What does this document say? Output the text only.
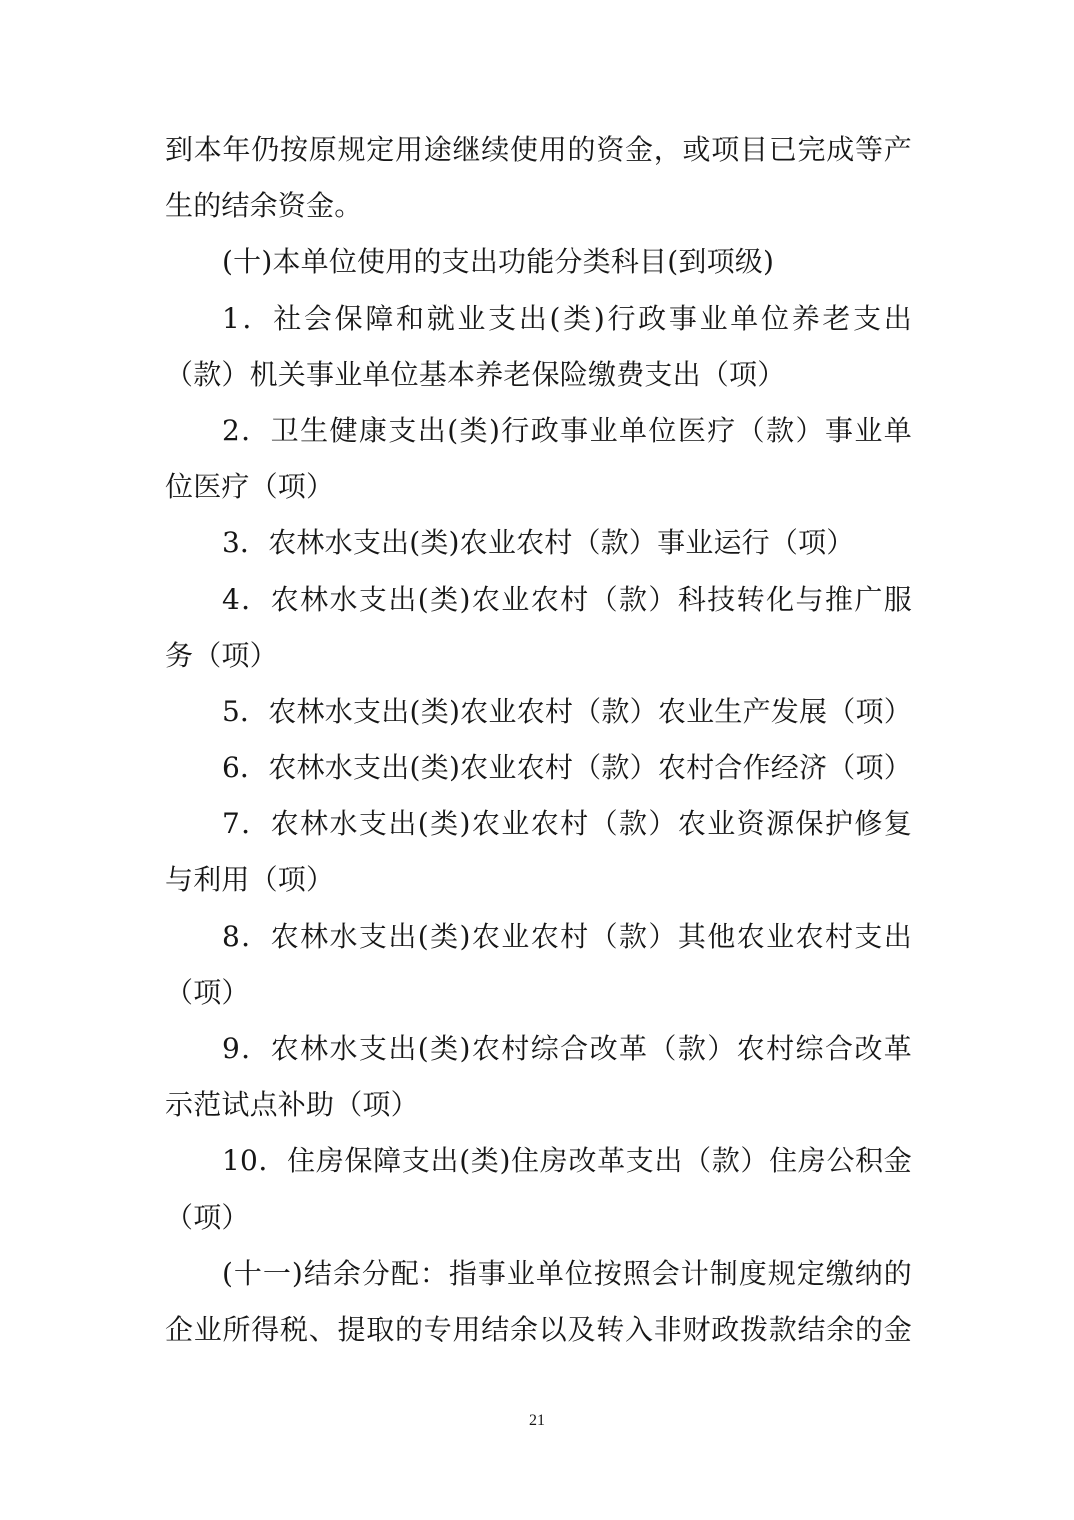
到本年仍按原规定用途继续使用的资金，或项目已完成等产
生的结余资金。
(十)本单位使用的支出功能分类科目(到项级)
1．社会保障和就业支出(类)行政事业单位养老支出
（款）机关事业单位基本养老保险缴费支出（项）
2．卫生健康支出(类)行政事业单位医疗（款）事业单
位医疗（项）
3．农林水支出(类)农业农村（款）事业运行（项）
4．农林水支出(类)农业农村（款）科技转化与推广服
务（项）
5．农林水支出(类)农业农村（款）农业生产发展（项）
6．农林水支出(类)农业农村（款）农村合作经济（项）
7．农林水支出(类)农业农村（款）农业资源保护修复
与利用（项）
8．农林水支出(类)农业农村（款）其他农业农村支出
（项）
9．农林水支出(类)农村综合改革（款）农村综合改革
示范试点补助（项）
10．住房保障支出(类)住房改革支出（款）住房公积金
（项）
(十一)结余分配：指事业单位按照会计制度规定缴纳的
企业所得税、提取的专用结余以及转入非财政拨款结余的金
21
